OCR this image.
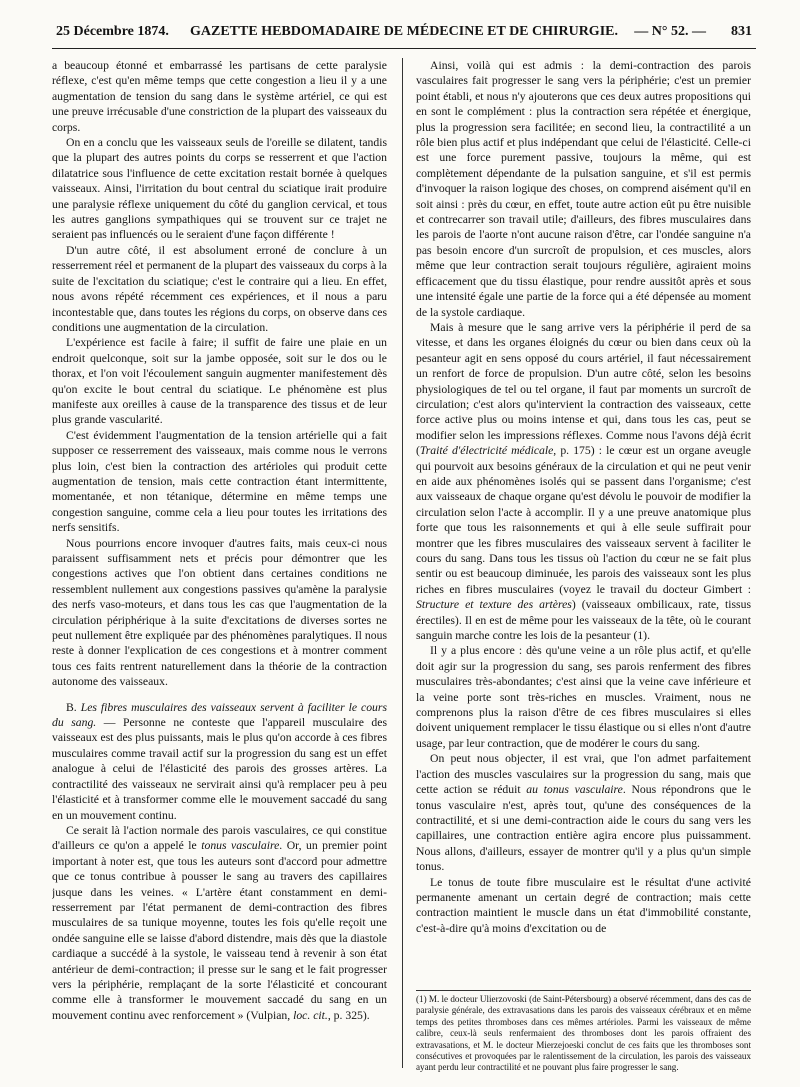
25 Décembre 1874.	GAZETTE HEBDOMADAIRE DE MÉDECINE ET DE CHIRURGIE.	— N° 52. — 831

a beaucoup étonné et embarrassé les partisans de cette paralysie réflexe, c'est qu'en même temps que cette congestion a lieu il y a une augmentation de tension du sang dans le système artériel, ce qui est une preuve irrécusable d'une constriction de la plupart des vaisseaux du corps.

On en a conclu que les vaisseaux seuls de l'oreille se dilatent, tandis que la plupart des autres points du corps se resserrent et que l'action dilatatrice sous l'influence de cette excitation restait bornée à quelques vaisseaux. Ainsi, l'irritation du bout central du sciatique irait produire une paralysie réflexe uniquement du côté du ganglion cervical, et tous les autres ganglions sympathiques qui se trouvent sur ce trajet ne seraient pas influencés ou le seraient d'une façon différente !

D'un autre côté, il est absolument erroné de conclure à un resserrement réel et permanent de la plupart des vaisseaux du corps à la suite de l'excitation du sciatique; c'est le contraire qui a lieu. En effet, nous avons répété récemment ces expériences, et il nous a paru incontestable que, dans toutes les régions du corps, on observe dans ces conditions une augmentation de la circulation.

L'expérience est facile à faire; il suffit de faire une plaie en un endroit quelconque, soit sur la jambe opposée, soit sur le dos ou le thorax, et l'on voit l'écoulement sanguin augmenter manifestement dès qu'on excite le bout central du sciatique. Le phénomène est plus manifeste aux oreilles à cause de la transparence des tissus et de leur plus grande vascularité.

C'est évidemment l'augmentation de la tension artérielle qui a fait supposer ce resserrement des vaisseaux, mais comme nous le verrons plus loin, c'est bien la contraction des artérioles qui produit cette augmentation de tension, mais cette contraction étant intermittente, momentanée, et non tétanique, détermine en même temps une congestion sanguine, comme cela a lieu pour toutes les irritations des nerfs sensitifs.

Nous pourrions encore invoquer d'autres faits, mais ceux-ci nous paraissent suffisamment nets et précis pour démontrer que les congestions actives que l'on obtient dans certaines conditions ne ressemblent nullement aux congestions passives qu'amène la paralysie des nerfs vaso-moteurs, et dans tous les cas que l'augmentation de la circulation périphérique à la suite d'excitations de diverses sortes ne peut nullement être expliquée par des phénomènes paralytiques. Il nous reste à donner l'explication de ces congestions et à montrer comment tous ces faits rentrent naturellement dans la théorie de la contraction autonome des vaisseaux.

B. Les fibres musculaires des vaisseaux servent à faciliter le cours du sang. — Personne ne conteste que l'appareil musculaire des vaisseaux est des plus puissants, mais le plus qu'on accorde à ces fibres musculaires comme travail actif sur la progression du sang est un effet analogue à celui de l'élasticité des parois des grosses artères. La contractilité des vaisseaux ne servirait ainsi qu'à remplacer peu à peu l'élasticité et à transformer comme elle le mouvement saccadé du sang en un mouvement continu.

Ce serait là l'action normale des parois vasculaires, ce qui constitue d'ailleurs ce qu'on a appelé le tonus vasculaire. Or, un premier point important à noter est, que tous les auteurs sont d'accord pour admettre que ce tonus contribue à pousser le sang au travers des capillaires jusque dans les veines. « L'artère étant constamment en demi-resserrement par l'état permanent de demi-contraction des fibres musculaires de sa tunique moyenne, toutes les fois qu'elle reçoit une ondée sanguine elle se laisse d'abord distendre, mais dès que la diastole cardiaque a succédé à la systole, le vaisseau tend à revenir à son état antérieur de demi-contraction; il presse sur le sang et le fait progresser vers la périphérie, remplaçant de la sorte l'élasticité et concourant comme elle à transformer le mouvement saccadé du sang en un mouvement continu avec renforcement » (Vulpian, loc. cit., p. 325).

Ainsi, voilà qui est admis : la demi-contraction des parois vasculaires fait progresser le sang vers la périphérie; c'est un premier point établi, et nous n'y ajouterons que ces deux autres propositions qui en sont le complément : plus la contraction sera répétée et énergique, plus la progression sera facilitée; en second lieu, la contractilité a un rôle bien plus actif et plus indépendant que celui de l'élasticité. Celle-ci est une force purement passive, toujours la même, qui est complètement dépendante de la pulsation sanguine, et s'il est permis d'invoquer la raison logique des choses, on comprend aisément qu'il en soit ainsi : près du cœur, en effet, toute autre action eût pu être nuisible et contrecarrer son travail utile; d'ailleurs, des fibres musculaires dans les parois de l'aorte n'ont aucune raison d'être, car l'ondée sanguine n'a pas besoin encore d'un surcroît de propulsion, et ces muscles, alors même que leur contraction serait toujours régulière, agiraient moins efficacement que du tissu élastique, pour rendre aussitôt après et sous une intensité égale une partie de la force qui a été dépensée au moment de la systole cardiaque.

Mais à mesure que le sang arrive vers la périphérie il perd de sa vitesse, et dans les organes éloignés du cœur ou bien dans ceux où la pesanteur agit en sens opposé du cours artériel, il faut nécessairement un renfort de force de propulsion. D'un autre côté, selon les besoins physiologiques de tel ou tel organe, il faut par moments un surcroît de circulation; c'est alors qu'intervient la contraction des vaisseaux, cette force active plus ou moins intense et qui, dans tous les cas, peut se modifier selon les impressions réflexes. Comme nous l'avons déjà écrit (Traité d'électricité médicale, p. 175) : le cœur est un organe aveugle qui pourvoit aux besoins généraux de la circulation et qui ne peut venir en aide aux phénomènes isolés qui se passent dans l'organisme; c'est aux vaisseaux de chaque organe qu'est dévolu le pouvoir de modifier la circulation selon l'acte à accomplir. Il y a une preuve anatomique plus forte que tous les raisonnements et qui à elle seule suffirait pour montrer que les fibres musculaires des vaisseaux servent à faciliter le cours du sang. Dans tous les tissus où l'action du cœur ne se fait plus sentir ou est beaucoup diminuée, les parois des vaisseaux sont les plus riches en fibres musculaires (voyez le travail du docteur Gimbert : Structure et texture des artères) (vaisseaux ombilicaux, rate, tissus érectiles). Il en est de même pour les vaisseaux de la tête, où le courant sanguin marche contre les lois de la pesanteur (1).

Il y a plus encore : dès qu'une veine a un rôle plus actif, et qu'elle doit agir sur la progression du sang, ses parois renferment des fibres musculaires très-abondantes; c'est ainsi que la veine cave inférieure et la veine porte sont très-riches en muscles. Vraiment, nous ne comprenons plus la raison d'être de ces fibres musculaires si elles doivent uniquement remplacer le tissu élastique ou si elles n'ont d'autre usage, par leur contraction, que de modérer le cours du sang.

On peut nous objecter, il est vrai, que l'on admet parfaitement l'action des muscles vasculaires sur la progression du sang, mais que cette action se réduit au tonus vasculaire. Nous répondrons que le tonus vasculaire n'est, après tout, qu'une des conséquences de la contractilité, et si une demi-contraction aide le cours du sang vers les capillaires, une contraction entière agira encore plus puissamment. Nous allons, d'ailleurs, essayer de montrer qu'il y a plus qu'un simple tonus.

Le tonus de toute fibre musculaire est le résultat d'une activité permanente amenant un certain degré de contraction; mais cette contraction maintient le muscle dans un état d'immobilité constante, c'est-à-dire qu'à moins d'excitation ou de

(1) M. le docteur Ulierzovoski (de Saint-Pétersbourg) a observé récemment, dans des cas de paralysie générale, des extravasations dans les parois des vaisseaux cérébraux et en même temps des petites thromboses dans ces mêmes artérioles. Parmi les vaisseaux de même calibre, ceux-là seuls renfermaient des thromboses dont les parois offraient des extravasations, et M. le docteur Mierzejoeski conclut de ces faits que les thromboses sont consécutives et provoquées par le ralentissement de la circulation, les parois des vaisseaux ayant perdu leur contractilité et ne pouvant plus faire progresser le sang.
